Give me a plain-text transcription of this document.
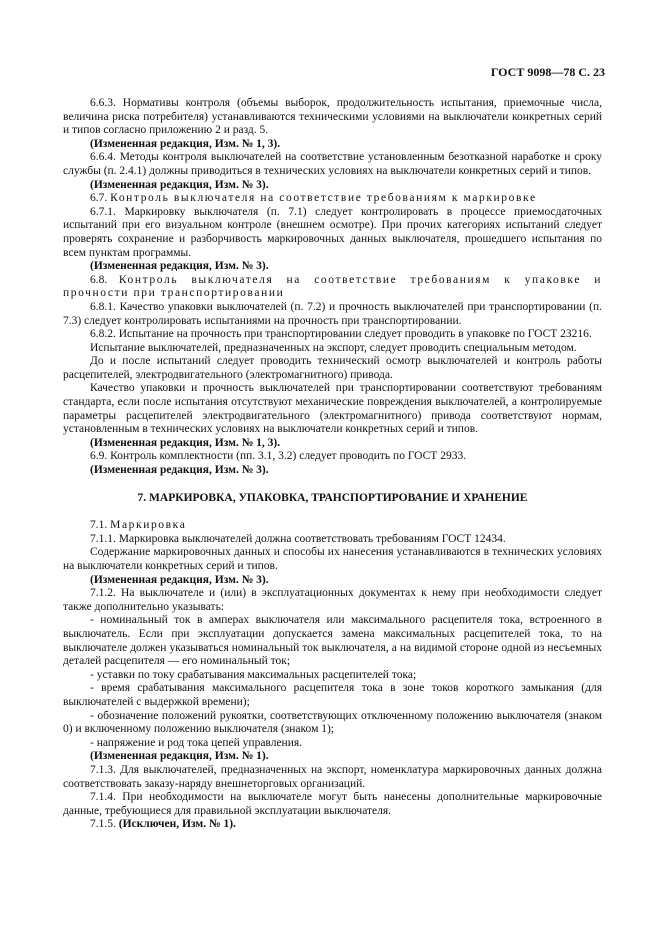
ГОСТ 9098—78 С. 23

6.6.3. Нормативы контроля (объемы выборок, продолжительность испытания, приемочные числа, величина риска потребителя) устанавливаются техническими условиями на выключатели конкретных серий и типов согласно приложению 2 и разд. 5.

(Измененная редакция, Изм. № 1, 3).

6.6.4. Методы контроля выключателей на соответствие установленным безотказной наработке и сроку службы (п. 2.4.1) должны приводиться в технических условиях на выключатели конкретных серий и типов.

(Измененная редакция, Изм. № 3).

6.7. Контроль выключателя на соответствие требованиям к маркировке

6.7.1. Маркировку выключателя (п. 7.1) следует контролировать в процессе приемосдаточных испытаний при его визуальном контроле (внешнем осмотре). При прочих категориях испытаний следует проверять сохранение и разборчивость маркировочных данных выключателя, прошедшего испытания по всем пунктам программы.

(Измененная редакция, Изм. № 3).

6.8. Контроль выключателя на соответствие требованиям к упаковке и прочности при транспортировании

6.8.1. Качество упаковки выключателей (п. 7.2) и прочность выключателей при транспортировании (п. 7.3) следует контролировать испытаниями на прочность при транспортировании.

6.8.2. Испытание на прочность при транспортировании следует проводить в упаковке по ГОСТ 23216.

Испытание выключателей, предназначенных на экспорт, следует проводить специальным методом.

До и после испытаний следует проводить технический осмотр выключателей и контроль работы расцепителей, электродвигательного (электромагнитного) привода.

Качество упаковки и прочность выключателей при транспортировании соответствуют требованиям стандарта, если после испытания отсутствуют механические повреждения выключателей, а контролируемые параметры расцепителей электродвигательного (электромагнитного) привода соответствуют нормам, установленным в технических условиях на выключатели конкретных серий и типов.

(Измененная редакция, Изм. № 1, 3).

6.9. Контроль комплектности (пп. 3.1, 3.2) следует проводить по ГОСТ 2933.

(Измененная редакция, Изм. № 3).

7. МАРКИРОВКА, УПАКОВКА, ТРАНСПОРТИРОВАНИЕ И ХРАНЕНИЕ

7.1. Маркировка

7.1.1. Маркировка выключателей должна соответствовать требованиям ГОСТ 12434.

Содержание маркировочных данных и способы их нанесения устанавливаются в технических условиях на выключатели конкретных серий и типов.

(Измененная редакция, Изм. № 3).

7.1.2. На выключателе и (или) в эксплуатационных документах к нему при необходимости следует также дополнительно указывать:

- номинальный ток в амперах выключателя или максимального расцепителя тока, встроенного в выключатель. Если при эксплуатации допускается замена максимальных расцепителей тока, то на выключателе должен указываться номинальный ток выключателя, а на видимой стороне одной из несъемных деталей расцепителя — его номинальный ток;

- уставки по току срабатывания максимальных расцепителей тока;

- время срабатывания максимального расцепителя тока в зоне токов короткого замыкания (для выключателей с выдержкой времени);

- обозначение положений рукоятки, соответствующих отключенному положению выключателя (знаком 0) и включенному положению выключателя (знаком 1);

- напряжение и род тока цепей управления.

(Измененная редакция, Изм. № 1).

7.1.3. Для выключателей, предназначенных на экспорт, номенклатура маркировочных данных должна соответствовать заказу-наряду внешнеторговых организаций.

7.1.4. При необходимости на выключателе могут быть нанесены дополнительные маркировочные данные, требующиеся для правильной эксплуатации выключателя.

7.1.5. (Исключен, Изм. № 1).
